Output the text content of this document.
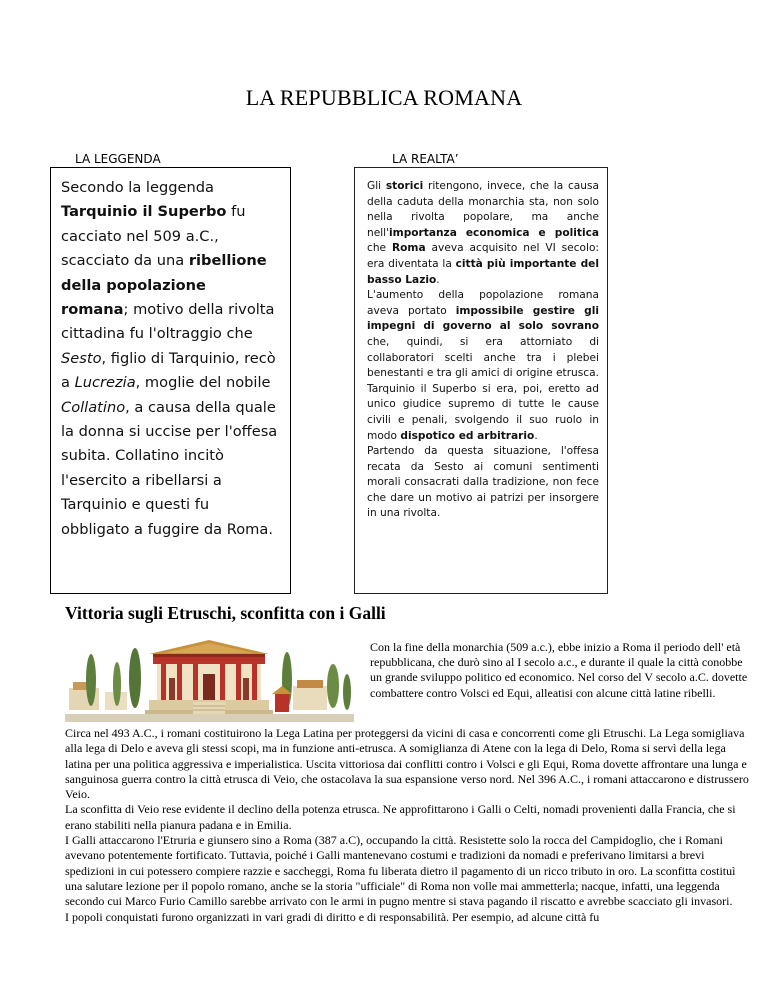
LA REPUBBLICA ROMANA
LA LEGGENDA	LA REALTA’
Secondo la leggenda Tarquinio il Superbo fu cacciato nel 509 a.C., scacciato da una ribellione della popolazione romana; motivo della rivolta cittadina fu l'oltraggio che Sesto, figlio di Tarquinio, recò a Lucrezia, moglie del nobile Collatino, a causa della quale la donna si uccise per l'offesa subita. Collatino incitò l'esercito a ribellarsi a Tarquinio e questi fu obbligato a fuggire da Roma.

Gli storici ritengono, invece, che la causa della caduta della monarchia sta, non solo nella rivolta popolare, ma anche nell'importanza economica e politica che Roma aveva acquisito nel VI secolo: era diventata la città più importante del basso Lazio.

L'aumento della popolazione romana aveva portato impossibile gestire gli impegni di governo al solo sovrano che, quindi, si era attorniato di collaboratori scelti anche tra i plebei benestanti e tra gli amici di origine etrusca.

Tarquinio il Superbo si era, poi, eretto ad unico giudice supremo di tutte le cause civili e penali, svolgendo il suo ruolo in modo dispotico ed arbitrario.

Partendo da questa situazione, l'offesa recata da Sesto ai comuni sentimenti morali consacrati dalla tradizione, non fece che dare un motivo ai patrizi per insorgere in una rivolta.

Vittoria sugli Etruschi, sconfitta con i Galli
Con la fine della monarchia (509 a.c.), ebbe inizio a Roma il periodo dell' età repubblicana, che durò sino al I secolo a.c., e durante il quale la città conobbe un grande sviluppo politico ed economico. Nel corso del V secolo a.C. dovette combattere contro Volsci ed Equi, alleatisi con alcune città latine ribelli.

Circa nel 493 A.C., i romani costituirono la Lega Latina per proteggersi da vicini di casa e concorrenti come gli Etruschi. La Lega somigliava alla lega di Delo e aveva gli stessi scopi, ma in funzione anti-etrusca. A somiglianza di Atene con la lega di Delo, Roma si servì della lega latina per una politica aggressiva e imperialistica. Uscita vittoriosa dai conflitti contro i Volsci e gli Equi, Roma dovette affrontare una lunga e sanguinosa guerra contro la città etrusca di Veio, che ostacolava la sua espansione verso nord. Nel 396 A.C., i romani attaccarono e distrussero Veio.

La sconfitta di Veio rese evidente il declino della potenza etrusca. Ne approfittarono i Galli o Celti, nomadi provenienti dalla Francia, che si erano stabiliti nella pianura padana e in Emilia.

I Galli attaccarono l'Etruria e giunsero sino a Roma (387 a.C), occupando la città. Resistette solo la rocca del Campidoglio, che i Romani avevano potentemente fortificato. Tuttavia, poiché i Galli mantenevano costumi e tradizioni da nomadi e preferivano limitarsi a brevi spedizioni in cui potessero compiere razzie e saccheggi, Roma fu liberata dietro il pagamento di un ricco tributo in oro. La sconfitta costituì una salutare lezione per il popolo romano, anche se la storia "ufficiale" di Roma non volle mai ammetterla; nacque, infatti, una leggenda secondo cui Marco Furio Camillo sarebbe arrivato con le armi in pugno mentre si stava pagando il riscatto e avrebbe scacciato gli invasori.

I popoli conquistati furono organizzati in vari gradi di diritto e di responsabilità. Per esempio, ad alcune città fu
